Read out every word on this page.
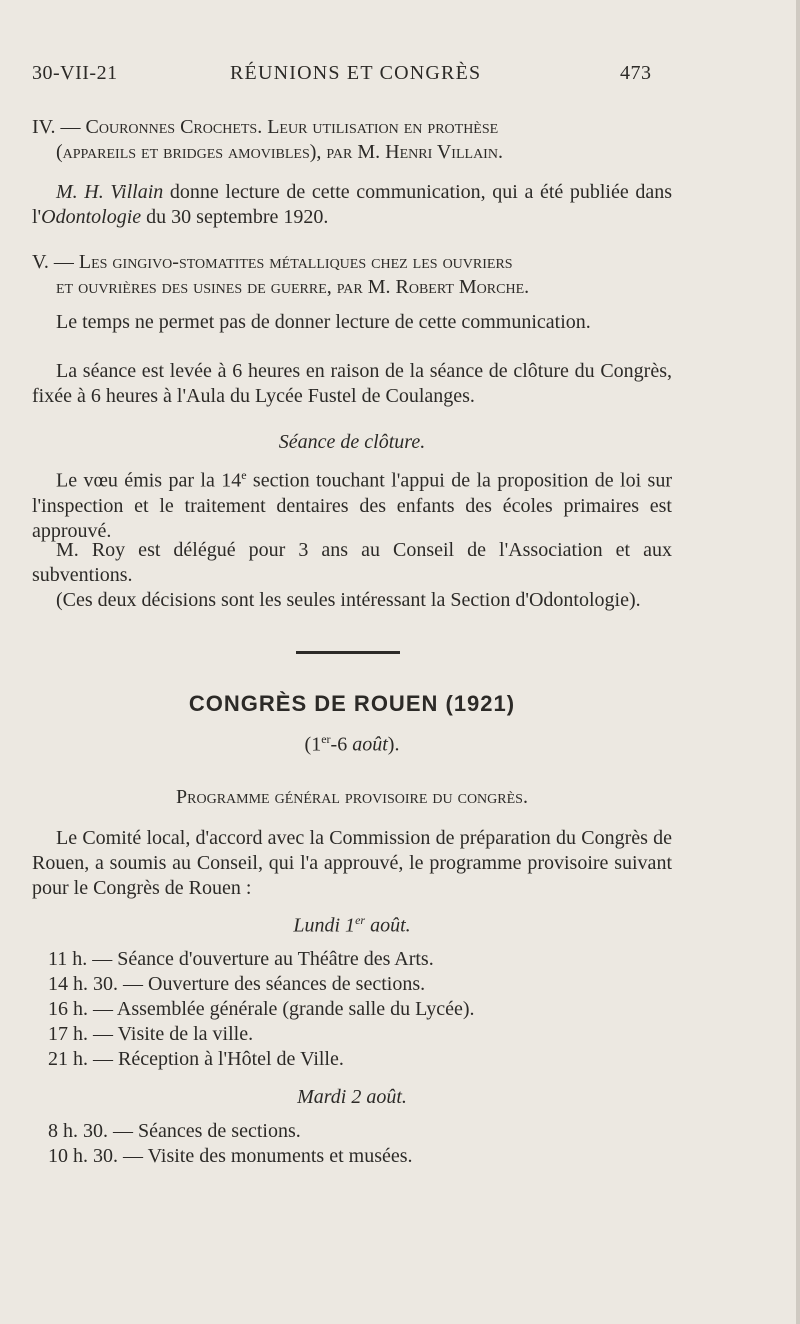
30-VII-21	RÉUNIONS ET CONGRÈS	473
IV. — Couronnes Crochets. Leur utilisation en prothèse
(appareils et bridges amovibles), par M. Henri Villain.
M. H. Villain donne lecture de cette communication, qui a été publiée dans l'Odontologie du 30 septembre 1920.
V. — Les gingivo-stomatites métalliques chez les ouvriers
et ouvrières des usines de guerre, par M. Robert Morche.
Le temps ne permet pas de donner lecture de cette communication.
La séance est levée à 6 heures en raison de la séance de clôture du Congrès, fixée à 6 heures à l'Aula du Lycée Fustel de Coulanges.
Séance de clôture.
Le vœu émis par la 14e section touchant l'appui de la proposition de loi sur l'inspection et le traitement dentaires des enfants des écoles primaires est approuvé.
M. Roy est délégué pour 3 ans au Conseil de l'Association et aux subventions.
(Ces deux décisions sont les seules intéressant la Section d'Odontologie).
CONGRÈS DE ROUEN (1921)
(1er-6 août).
Programme général provisoire du congrès.
Le Comité local, d'accord avec la Commission de préparation du Congrès de Rouen, a soumis au Conseil, qui l'a approuvé, le programme provisoire suivant pour le Congrès de Rouen :
Lundi 1er août.
11 h. — Séance d'ouverture au Théâtre des Arts.
14 h. 30. — Ouverture des séances de sections.
16 h. — Assemblée générale (grande salle du Lycée).
17 h. — Visite de la ville.
21 h. — Réception à l'Hôtel de Ville.
Mardi 2 août.
8 h. 30. — Séances de sections.
10 h. 30. — Visite des monuments et musées.
